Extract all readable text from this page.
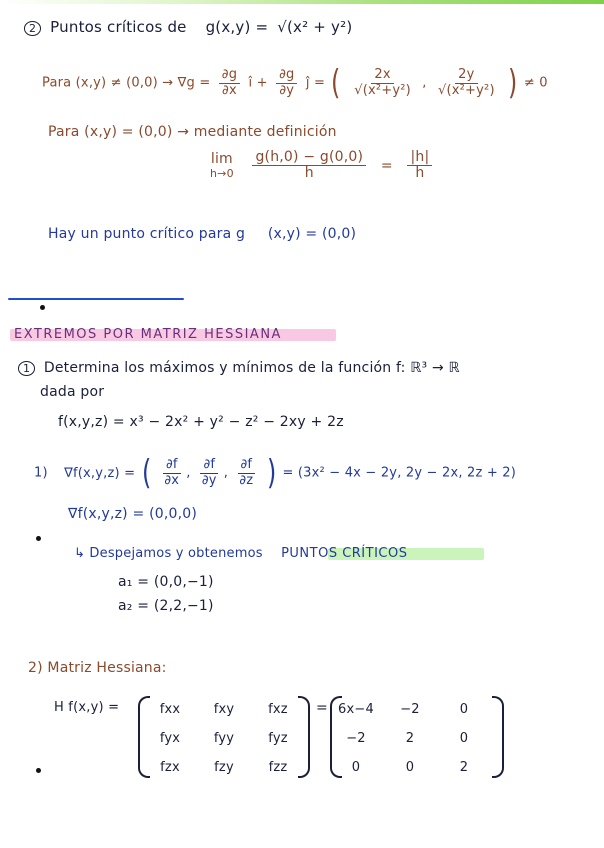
2 Puntos críticos de g(x,y) = √(x² + y²)
Para $(x,y) \ne (0,0) \to \nabla g = \frac{\partial g}{\partial x}$ î + $\frac{\partial g}{\partial y}$ ĵ = ( $\frac{2x}{\text{√(x²+y²)}}$ , $\frac{2y}{\text{√(x²+y²)}}$ ) ≠ 0
Para (x,y) = (0,0) → mediante definición
lim
h→0
$\frac{g(h,0) - g(0,0)}{h} = \frac{|h|}{h}$
Hay un punto crítico para g (x,y) = (0,0)
EXTREMOS POR MATRIZ HESSIANA
1 Determina los máximos y mínimos de la función f: ℝ³ → ℝ
dada por
f(x,y,z) = x³ − 2x² + y² − z² − 2xy + 2z
1) ∇f(x,y,z) = ( $\frac{\partial f}{\partial x}$ , $\frac{\partial f}{\partial y}$ , $\frac{\partial f}{\partial z}$ ) = (3x² − 4x − 2y, 2y − 2x, 2z + 2)
∇f(x,y,z) = (0,0,0)
↳ Despejamos y obtenemos PUNTOS CRÍTICOS
a₁ = (0,0,−1)
a₂ = (2,2,−1)
2) Matriz Hessiana:
H f(x,y) =	fxx	fxy	fxz
fyx	fyy	fyz
fzx	fzy	fzz
= 6x−4	−2	0
−2	2	0
0	0	2
